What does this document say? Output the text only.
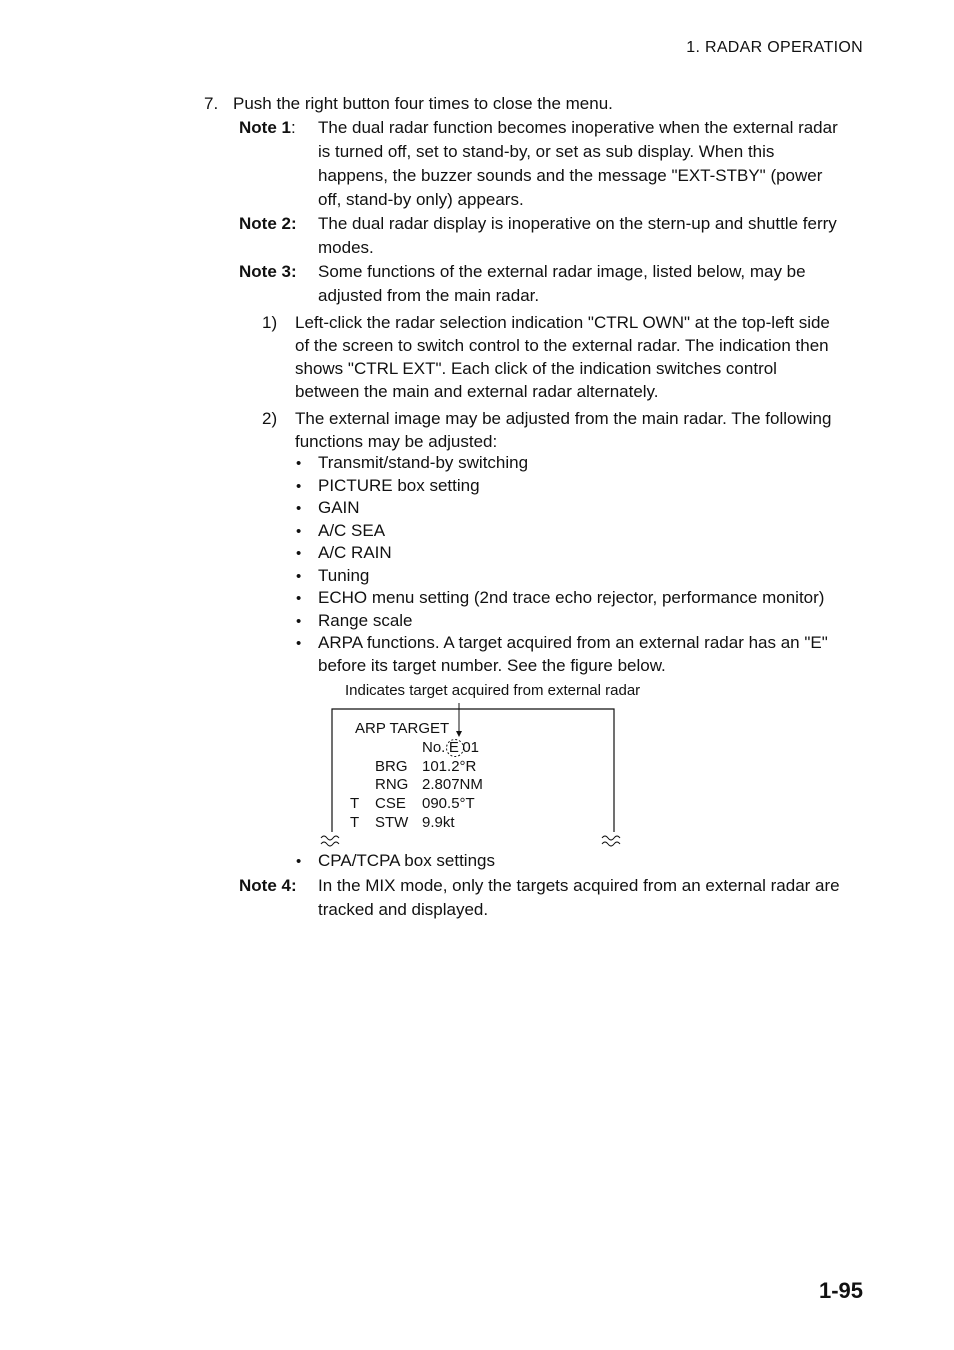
1. RADAR OPERATION
7. Push the right button four times to close the menu.
Note 1: The dual radar function becomes inoperative when the external radar
is turned off, set to stand-by, or set as sub display. When this
happens, the buzzer sounds and the message "EXT-STBY" (power
off, stand-by only) appears.
Note 2: The dual radar display is inoperative on the stern-up and shuttle ferry
modes.
Note 3: Some functions of the external radar image, listed below, may be
adjusted from the main radar.
1) Left-click the radar selection indication "CTRL OWN" at the top-left side
of the screen to switch control to the external radar. The indication then
shows "CTRL EXT". Each click of the indication switches control
between the main and external radar alternately.
2) The external image may be adjusted from the main radar. The following
functions may be adjusted:
• Transmit/stand-by switching
• PICTURE box setting
• GAIN
• A/C SEA
• A/C RAIN
• Tuning
• ECHO menu setting (2nd trace echo rejector, performance monitor)
• Range scale
• ARPA functions. A target acquired from an external radar has an "E"
before its target number. See the figure below.
Indicates target acquired from external radar
ARP TARGET
No. E 01
BRG 101.2°R
RNG 2.807NM
T CSE 090.5°T
T STW 9.9kt
• CPA/TCPA box settings
Note 4: In the MIX mode, only the targets acquired from an external radar are
tracked and displayed.
1-95
